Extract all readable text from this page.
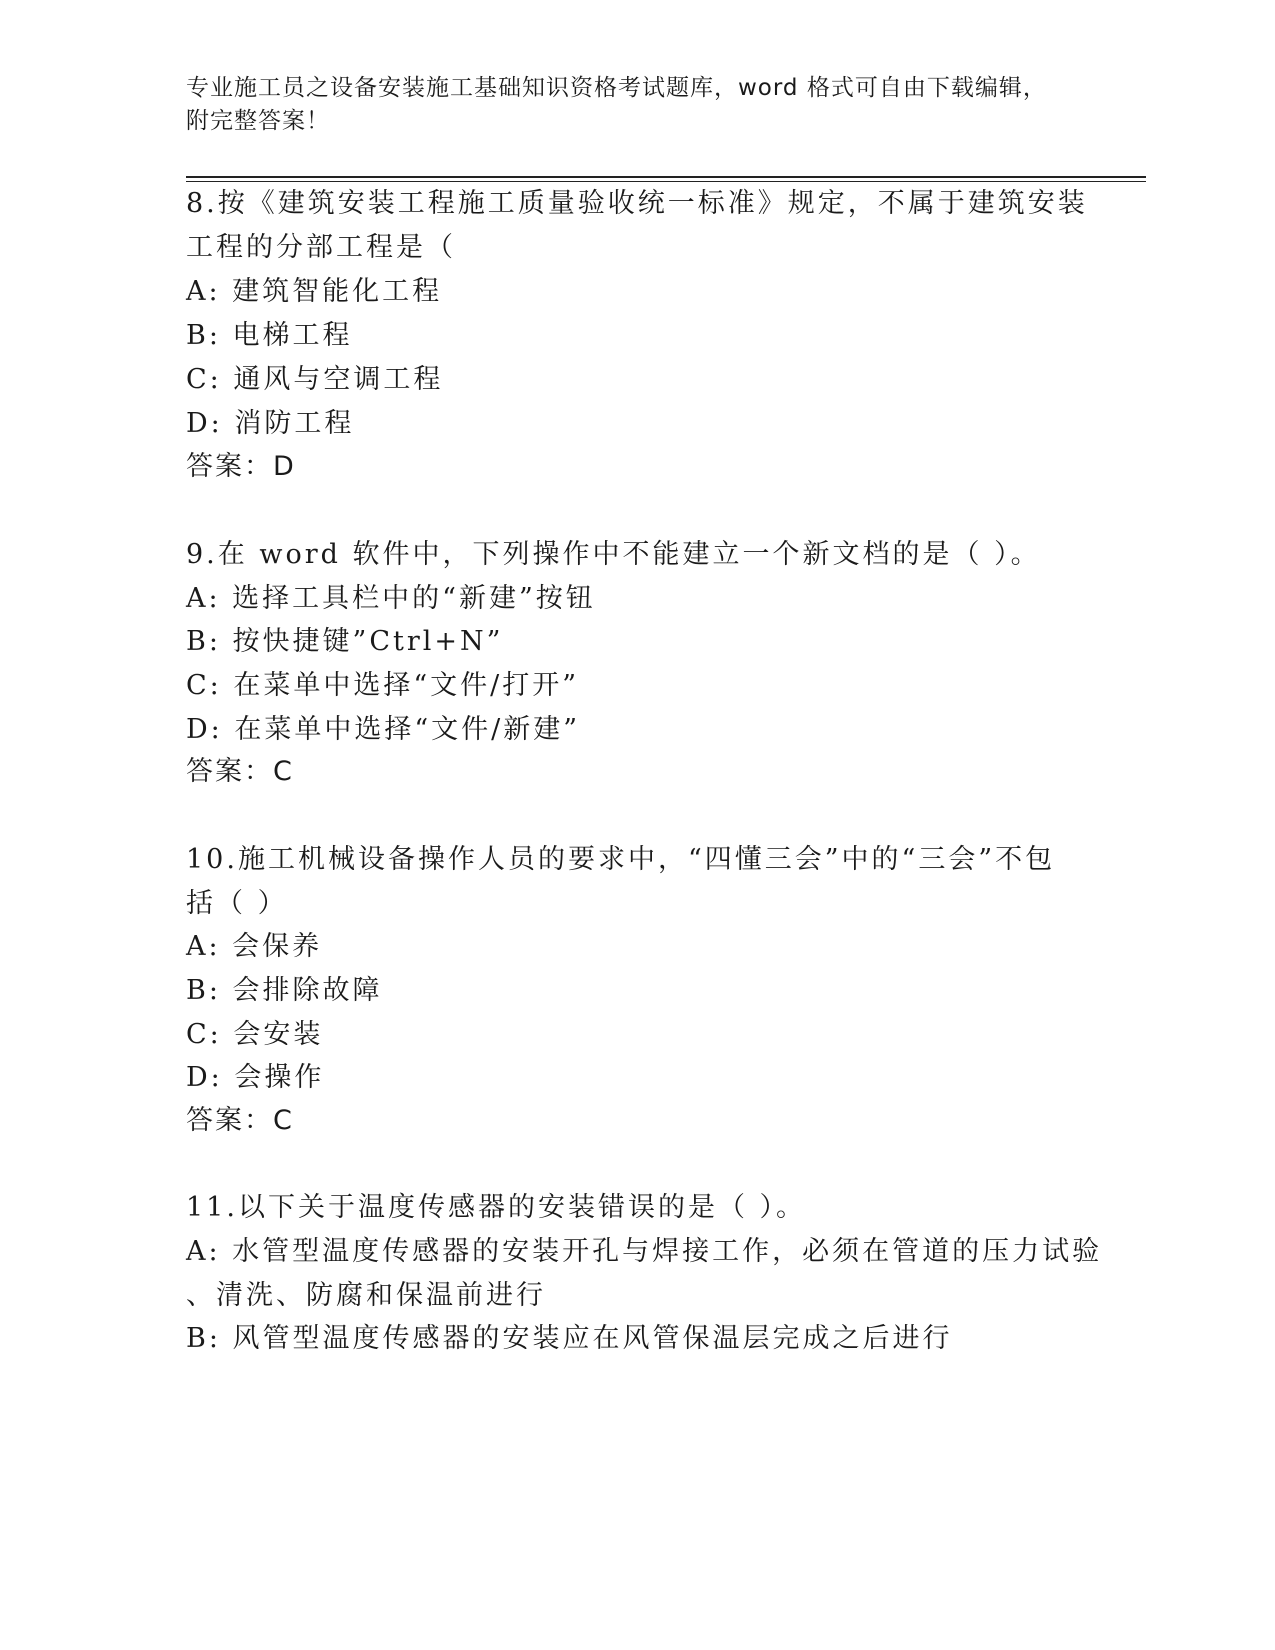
专业施工员之设备安装施工基础知识资格考试题库，word 格式可自由下载编辑，
附完整答案！
8.按《建筑安装工程施工质量验收统一标准》规定，不属于建筑安装
工程的分部工程是（
A: 建筑智能化工程
B: 电梯工程
C: 通风与空调工程
D: 消防工程
答案：D
9.在 word 软件中，下列操作中不能建立一个新文档的是（ ）。
A: 选择工具栏中的“新建”按钮
B: 按快捷键”Ctrl+N”
C: 在菜单中选择“文件/打开”
D: 在菜单中选择“文件/新建”
答案：C
10.施工机械设备操作人员的要求中，“四懂三会”中的“三会”不包
括（ ）
A: 会保养
B: 会排除故障
C: 会安装
D: 会操作
答案：C
11.以下关于温度传感器的安装错误的是（ ）。
A: 水管型温度传感器的安装开孔与焊接工作，必须在管道的压力试验
、清洗、防腐和保温前进行
B: 风管型温度传感器的安装应在风管保温层完成之后进行
